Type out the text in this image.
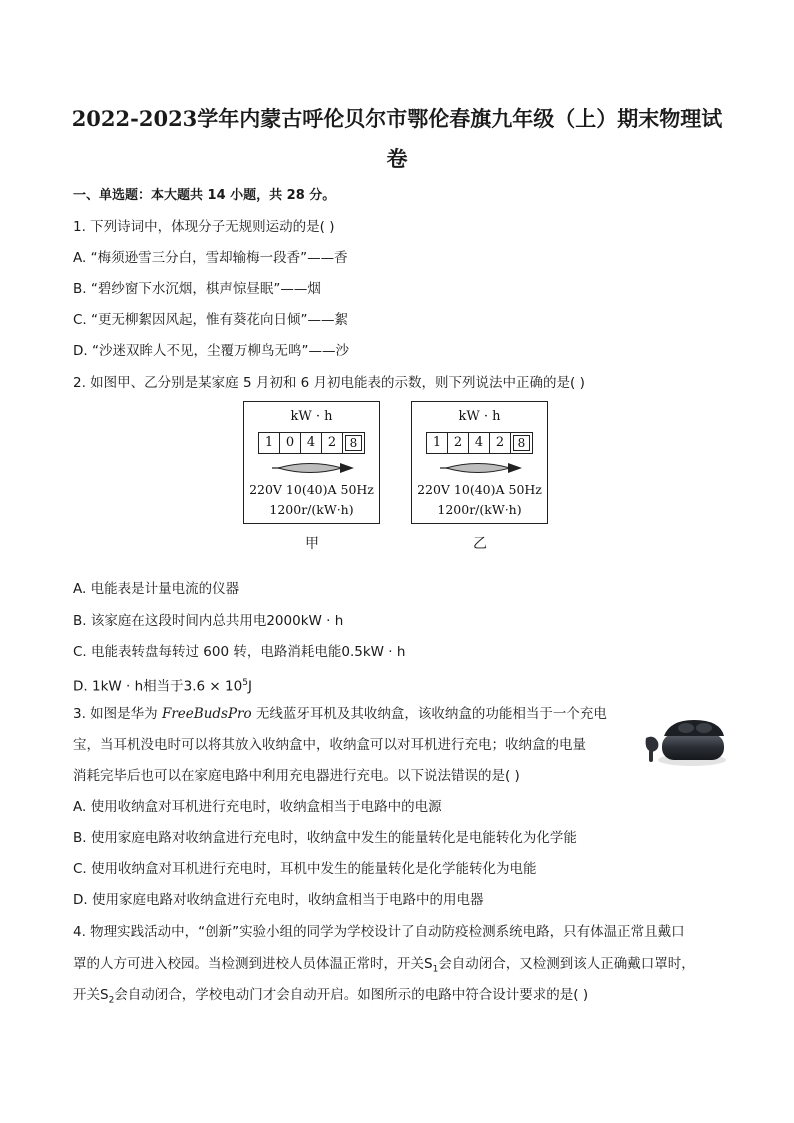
2022-2023学年内蒙古呼伦贝尔市鄂伦春旗九年级（上）期末物理试
卷
一、单选题：本大题共 14 小题，共 28 分。
1. 下列诗词中，体现分子无规则运动的是( )
A. “梅须逊雪三分白，雪却输梅一段香”——香
B. “碧纱窗下水沉烟，棋声惊昼眠”——烟
C. “更无柳絮因风起，惟有葵花向日倾”——絮
D. “沙迷双眸人不见，尘覆万柳鸟无鸣”——沙
2. 如图甲、乙分别是某家庭 5 月初和 6 月初电能表的示数，则下列说法中正确的是( )
kW · h
1 0 4 2	8
220V 10(40)A 50Hz
1200r/(kW·h)
甲
kW · h
1 2 4 2	8
220V 10(40)A 50Hz
1200r/(kW·h)
乙
A. 电能表是计量电流的仪器
B. 该家庭在这段时间内总共用电2000kW · h
C. 电能表转盘每转过 600 转，电路消耗电能0.5kW · h
D. 1kW · h相当于$3.6 \times 10^5J$
3. 如图是华为 FreeBudsPro 无线蓝牙耳机及其收纳盒，该收纳盒的功能相当于一个充电
宝，当耳机没电时可以将其放入收纳盒中，收纳盒可以对耳机进行充电；收纳盒的电量
消耗完毕后也可以在家庭电路中利用充电器进行充电。以下说法错误的是( )
A. 使用收纳盒对耳机进行充电时，收纳盒相当于电路中的电源
B. 使用家庭电路对收纳盒进行充电时，收纳盒中发生的能量转化是电能转化为化学能
C. 使用收纳盒对耳机进行充电时，耳机中发生的能量转化是化学能转化为电能
D. 使用家庭电路对收纳盒进行充电时，收纳盒相当于电路中的用电器
4. 物理实践活动中，“创新”实验小组的同学为学校设计了自动防疫检测系统电路，只有体温正常且戴口
罩的人方可进入校园。当检测到进校人员体温正常时，开关$S_1$会自动闭合，又检测到该人正确戴口罩时，
开关$S_2$会自动闭合，学校电动门才会自动开启。如图所示的电路中符合设计要求的是( )
